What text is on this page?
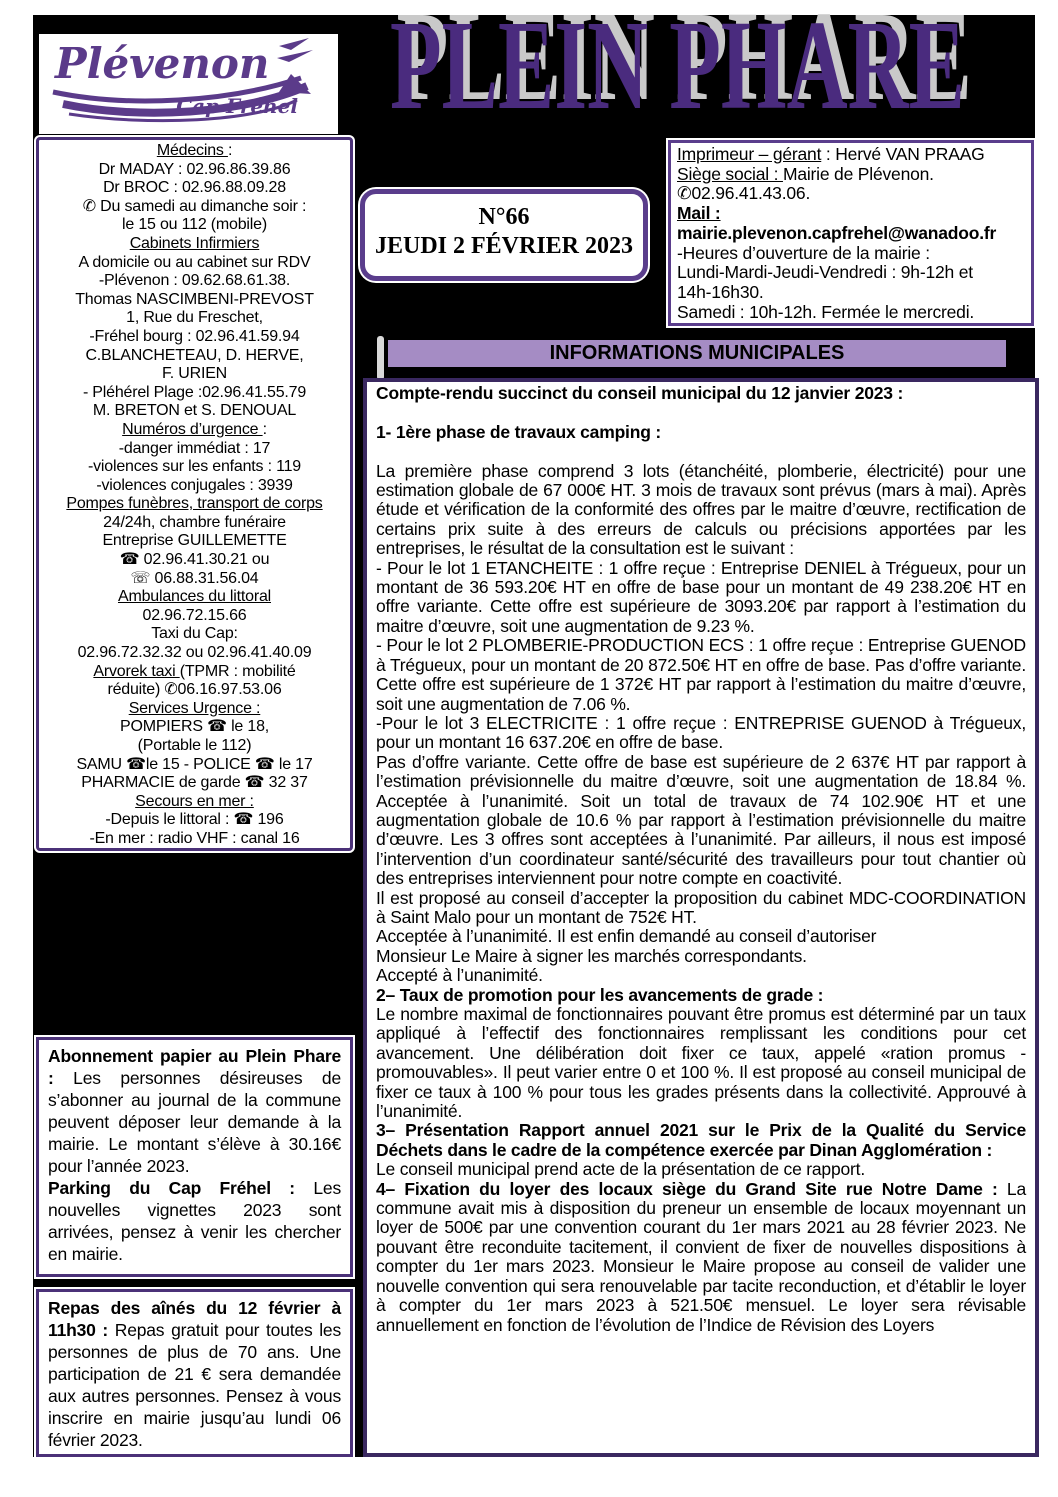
Plévenon
Cap Fréhel PLEIN PHARE
N°66
JEUDI 2 FÉVRIER 2023
Imprimeur – gérant : Hervé VAN PRAAG
Siège social : Mairie de Plévenon.
✆02.96.41.43.06.
Mail :
mairie.plevenon.capfrehel@wanadoo.fr
-Heures d’ouverture de la mairie :
Lundi-Mardi-Jeudi-Vendredi : 9h-12h et
14h-16h30.
Samedi : 10h-12h. Fermée le mercredi.
INFORMATIONS MUNICIPALES
Médecins :
Dr MADAY : 02.96.86.39.86
Dr BROC : 02.96.88.09.28
✆ Du samedi au dimanche soir :
le 15 ou 112 (mobile)
Cabinets Infirmiers
A domicile ou au cabinet sur RDV
-Plévenon : 09.62.68.61.38.
Thomas NASCIMBENI-PREVOST
1, Rue du Freschet,
-Fréhel bourg : 02.96.41.59.94
C.BLANCHETEAU, D. HERVE,
F. URIEN
- Pléhérel Plage :02.96.41.55.79
M. BRETON et S. DENOUAL
Numéros d’urgence :
-danger immédiat : 17
-violences sur les enfants : 119
-violences conjugales : 3939
Pompes funèbres, transport de corps
24/24h, chambre funéraire
Entreprise GUILLEMETTE
☎ 02.96.41.30.21 ou
☏ 06.88.31.56.04
Ambulances du littoral
02.96.72.15.66
Taxi du Cap:
02.96.72.32.32 ou 02.96.41.40.09
Arvorek taxi (TPMR : mobilité
réduite) ✆06.16.97.53.06
Services Urgence :
POMPIERS ☎ le 18,
(Portable le 112)
SAMU ☎le 15 - POLICE ☎ le 17
PHARMACIE de garde ☎ 32 37
Secours en mer :
-Depuis le littoral : ☎ 196
-En mer : radio VHF : canal 16
Compte-rendu succinct du conseil municipal du 12 janvier 2023 :

1- 1ère phase de travaux camping :

La première phase comprend 3 lots (étanchéité, plomberie, électricité) pour une estimation globale de 67 000€ HT. 3 mois de travaux sont prévus (mars à mai). Après étude et vérification de la conformité des offres par le maitre d’œuvre, rectification de certains prix suite à des erreurs de calculs ou précisions apportées par les entreprises, le résultat de la consultation est le suivant :
- Pour le lot 1 ETANCHEITE : 1 offre reçue : Entreprise DENIEL à Trégueux, pour un montant de 36 593.20€ HT en offre de base pour un montant de 49 238.20€ HT en offre variante. Cette offre est supérieure de 3093.20€ par rapport à l’estimation du maitre d’œuvre, soit une augmentation de 9.23 %.
- Pour le lot 2 PLOMBERIE-PRODUCTION ECS : 1 offre reçue : Entreprise GUENOD à Trégueux, pour un montant de 20 872.50€ HT en offre de base. Pas d’offre variante. Cette offre est supérieure de 1 372€ HT par rapport à l’estimation du maitre d’œuvre, soit une augmentation de 7.06 %.
-Pour le lot 3 ELECTRICITE : 1 offre reçue : ENTREPRISE GUENOD à Trégueux, pour un montant 16 637.20€ en offre de base.
Pas d’offre variante. Cette offre de base est supérieure de 2 637€ HT par rapport à l’estimation prévisionnelle du maitre d’œuvre, soit une augmentation de 18.84 %. Acceptée à l’unanimité. Soit un total de travaux de 74 102.90€ HT et une augmentation globale de 10.6 % par rapport à l’estimation prévisionnelle du maitre d’œuvre. Les 3 offres sont acceptées à l’unanimité. Par ailleurs, il nous est imposé l’intervention d’un coordinateur santé/sécurité des travailleurs pour tout chantier où des entreprises interviennent pour notre compte en coactivité.
Il est proposé au conseil d’accepter la proposition du cabinet MDC-COORDINATION à Saint Malo pour un montant de 752€ HT.
Acceptée à l’unanimité. Il est enfin demandé au conseil d’autoriser
Monsieur Le Maire à signer les marchés correspondants.
Accepté à l’unanimité.
2– Taux de promotion pour les avancements de grade :
Le nombre maximal de fonctionnaires pouvant être promus est déterminé par un taux appliqué à l’effectif des fonctionnaires remplissant les conditions pour cet avancement. Une délibération doit fixer ce taux, appelé «ration promus - promouvables». Il peut varier entre 0 et 100 %. Il est proposé au conseil municipal de fixer ce taux à 100 % pour tous les grades présents dans la collectivité. Approuvé à l’unanimité.
3– Présentation Rapport annuel 2021 sur le Prix de la Qualité du Service Déchets dans le cadre de la compétence exercée par Dinan Agglomération :
Le conseil municipal prend acte de la présentation de ce rapport.
4– Fixation du loyer des locaux siège du Grand Site rue Notre Dame : La commune avait mis à disposition du preneur un ensemble de locaux moyennant un loyer de 500€ par une convention courant du 1er mars 2021 au 28 février 2023. Ne pouvant être reconduite tacitement, il convient de fixer de nouvelles dispositions à compter du 1er mars 2023. Monsieur le Maire propose au conseil de valider une nouvelle convention qui sera renouvelable par tacite reconduction, et d’établir le loyer à compter du 1er mars 2023 à 521.50€ mensuel. Le loyer sera révisable annuellement en fonction de l’évolution de l’Indice de Révision des Loyers
Abonnement papier au Plein Phare : Les personnes désireuses de s’abonner au journal de la commune peuvent déposer leur demande à la mairie. Le montant s’élève à 30.16€ pour l’année 2023.
Parking du Cap Fréhel : Les nouvelles vignettes 2023 sont arrivées, pensez à venir les chercher en mairie.
Repas des aînés du 12 février à 11h30 : Repas gratuit pour toutes les personnes de plus de 70 ans. Une participation de 21 € sera demandée aux autres personnes. Pensez à vous inscrire en mairie jusqu’au lundi 06 février 2023.
